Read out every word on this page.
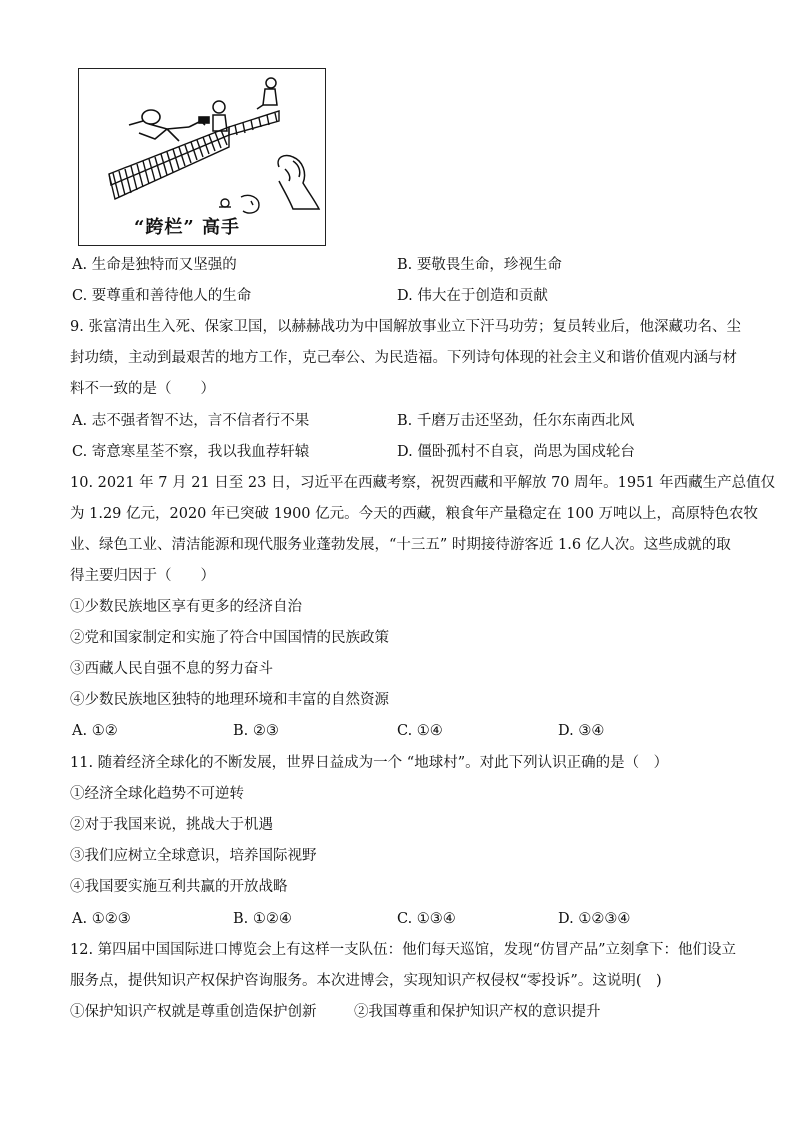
“跨栏” 高手
A. 生命是独特而又坚强的	B. 要敬畏生命，珍视生命
C. 要尊重和善待他人的生命	D. 伟大在于创造和贡献
9. 张富清出生入死、保家卫国，以赫赫战功为中国解放事业立下汗马功劳；复员转业后，他深藏功名、尘
封功绩，主动到最艰苦的地方工作，克己奉公、为民造福。下列诗句体现的社会主义和谐价值观内涵与材
料不一致的是（　　）
A. 志不强者智不达，言不信者行不果	B. 千磨万击还坚劲，任尔东南西北风
C. 寄意寒星荃不察，我以我血荐轩辕	D. 僵卧孤村不自哀，尚思为国戍轮台
10. 2021 年 7 月 21 日至 23 日，习近平在西藏考察，祝贺西藏和平解放 70 周年。1951 年西藏生产总值仅
为 1.29 亿元，2020 年已突破 1900 亿元。今天的西藏，粮食年产量稳定在 100 万吨以上，高原特色农牧
业、绿色工业、清洁能源和现代服务业蓬勃发展，“十三五” 时期接待游客近 1.6 亿人次。这些成就的取
得主要归因于（　　）
①少数民族地区享有更多的经济自治
②党和国家制定和实施了符合中国国情的民族政策
③西藏人民自强不息的努力奋斗
④少数民族地区独特的地理环境和丰富的自然资源
A. ①②	B. ②③	C. ①④	D. ③④
11. 随着经济全球化的不断发展，世界日益成为一个 “地球村”。对此下列认识正确的是（　）
①经济全球化趋势不可逆转
②对于我国来说，挑战大于机遇
③我们应树立全球意识，培养国际视野
④我国要实施互利共赢的开放战略
A. ①②③	B. ①②④	C. ①③④	D. ①②③④
12. 第四届中国国际进口博览会上有这样一支队伍：他们每天巡馆，发现“仿冒产品”立刻拿下：他们设立
服务点，提供知识产权保护咨询服务。本次进博会，实现知识产权侵权“零投诉”。这说明(　)
①保护知识产权就是尊重创造保护创新	②我国尊重和保护知识产权的意识提升
